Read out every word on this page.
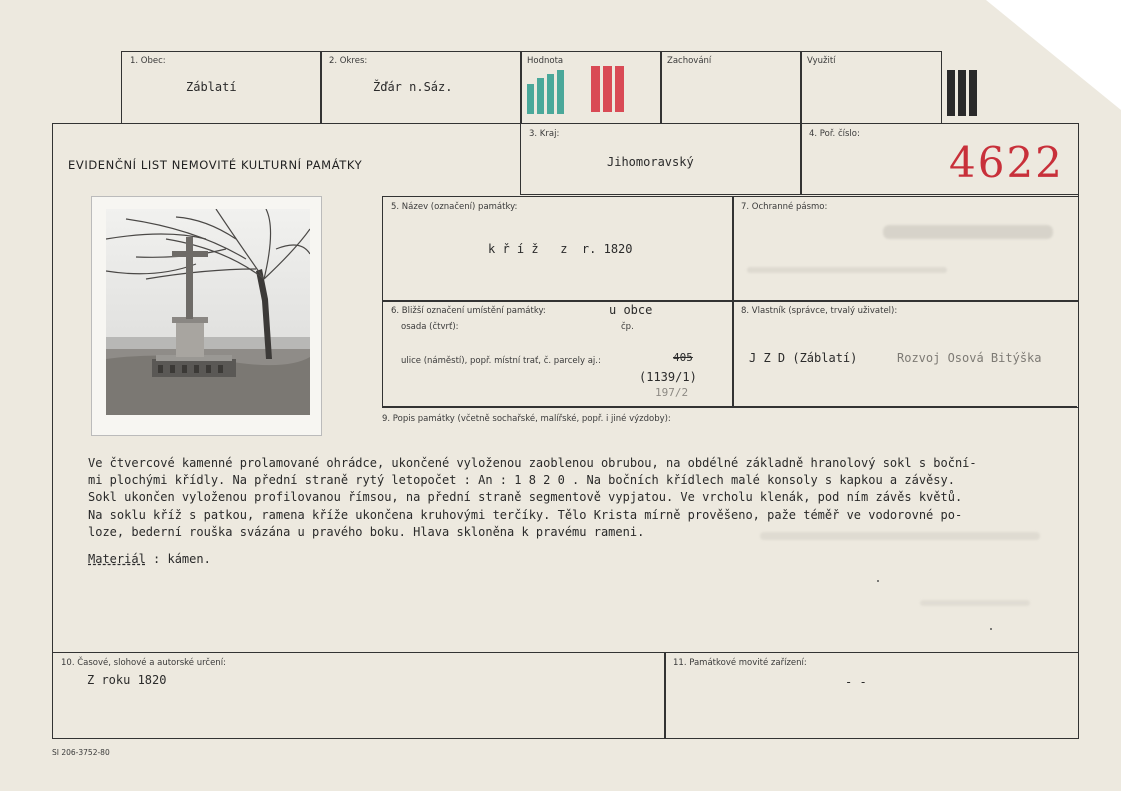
1. Obec:
Záblatí
2. Okres:
Žďár n.Sáz.
Hodnota	Zachování	Využití
EVIDENČNÍ LIST NEMOVITÉ KULTURNÍ PAMÁTKY
3. Kraj:
Jihomoravský
4. Poř. číslo:
4622
5. Název (označení) památky:
k ř í ž   z  r. 1820
7. Ochranné pásmo:
6. Bližší označení umístění památky:	u obce
osada (čtvrť):	čp.
ulice (náměstí), popř. místní trať, č. parcely aj.:	405
(1139/1)
197/2
8. Vlastník (správce, trvalý uživatel):
J Z D (Záblatí)	Rozvoj Osová Bitýška
9. Popis památky (včetně sochařské, malířské, popř. i jiné výzdoby):
Ve čtvercové kamenné prolamované ohrádce, ukončené vyloženou zaoblenou obrubou, na obdélné základně hranolový sokl s boční-
mi plochými křídly. Na přední straně rytý letopočet : An : 1 8 2 0 . Na bočních křídlech malé konsoly s kapkou a závěsy.
Sokl ukončen vyloženou profilovanou římsou, na přední straně segmentově vypjatou. Ve vrcholu klenák, pod ním závěs květů.
Na soklu kříž s patkou, ramena kříže ukončena kruhovými terčíky. Tělo Krista mírně prověšeno, paže téměř ve vodorovné po-
loze, bederní rouška svázána u pravého boku. Hlava skloněna k pravému rameni.
Materiál : kámen.
10. Časové, slohové a autorské určení:
Z roku 1820
11. Památkové movité zařízení:
- -
SI 206-3752-80
